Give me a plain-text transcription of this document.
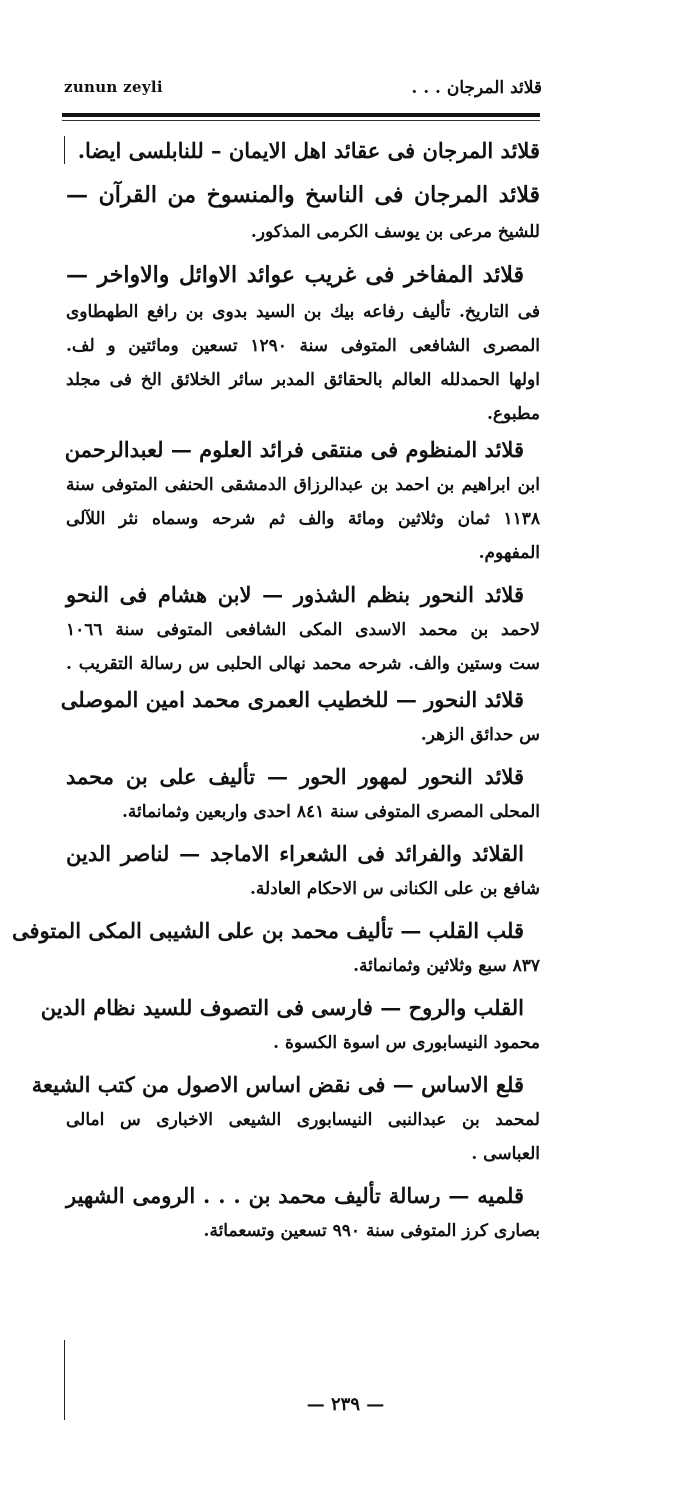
zunun zeyli	قلائد المرجان . . .
قلائد المرجان فى عقائد اهل الايمان – للنابلسى ايضا.
قلائد المرجان فى الناسخ والمنسوخ من القرآن —
للشيخ مرعى بن يوسف الكرمى المذكور.
قلائد المفاخر فى غريب عوائد الاوائل والاواخر —
فى التاريخ. تأليف رفاعه بيك بن السيد بدوى بن رافع الطهطاوى
المصرى الشافعى المتوفى سنة ١٢٩٠ تسعين ومائتين و لف.
اولها الحمدلله العالم بالحقائق المدبر سائر الخلائق الخ فى مجلد
مطبوع.
قلائد المنظوم فى منتقى فرائد العلوم — لعبدالرحمن
ابن ابراهيم بن احمد بن عبدالرزاق الدمشقى الحنفى المتوفى سنة
١١٣٨ ثمان وثلاثين ومائة والف ثم شرحه وسماه نثر اللآلى
المفهوم.
قلائد النحور بنظم الشذور — لابن هشام فى النحو
لاحمد بن محمد الاسدى المكى الشافعى المتوفى سنة ١٠٦٦
ست وستين والف. شرحه محمد نهالى الحلبى س رسالة التقريب .
قلائد النحور — للخطيب العمرى محمد امين الموصلى
س حدائق الزهر.
قلائد النحور لمهور الحور — تأليف على بن محمد
المحلى المصرى المتوفى سنة ٨٤١ احدى واربعين وثمانمائة.
القلائد والفرائد فى الشعراء الاماجد — لناصر الدين
شافع بن على الكنانى س الاحكام العادلة.
قلب القلب — تأليف محمد بن على الشيبى المكى المتوفى
٨٣٧ سبع وثلاثين وثمانمائة.
القلب والروح — فارسى فى التصوف للسيد نظام الدين
محمود النيسابورى س اسوة الكسوة .
قلع الاساس — فى نقض اساس الاصول من كتب الشيعة
لمحمد بن عبدالنبى النيسابورى الشيعى الاخبارى س امالى
العباسى .
قلميه — رسالة تأليف محمد بن . . . الرومى الشهير
بصارى كرز المتوفى سنة ٩٩٠ تسعين وتسعمائة.
— ٢٣٩ —
